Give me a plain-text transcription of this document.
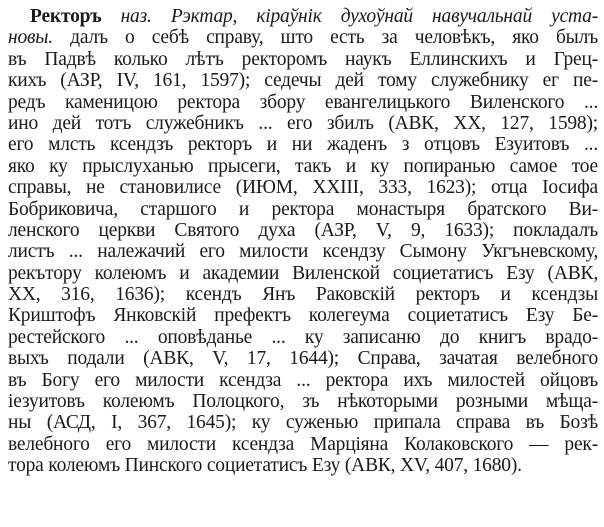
Ректоръ наз. Рэктар, кіраўнік духоўнай навучальнай уста-
новы. далъ о себѣ справу, што есть за человѣкъ, яко былъ
въ Падвѣ колько лѣтъ ректоромъ наукъ Еллинскихъ и Грец-
кихъ (АЗР, IV, 161, 1597); седечы дей тому служебнику ег пе-
редъ каменицою ректора збору евангелицького Виленского ...
ино дей тотъ служебникъ ... его збилъ (АВК, XX, 127, 1598);
его млсть ксендзъ ректоръ и ни жаденъ з отцовъ Езуитовъ ...
яко ку прыслуханью прысеги, такъ и ку попиранью самое тое
справы, не становилисе (ИЮМ, XXIII, 333, 1623); отца Іосифа
Бобриковича, старшого и ректора монастыря братского Ви-
ленского церкви Святого духа (АЗР, V, 9, 1633); покладалъ
листъ ... належачий его милости ксендзу Сымону Укгъневскому,
рекътору колеюмъ и академии Виленской социетатисъ Езу (АВК,
XX, 316, 1636); ксендъ Янъ Раковскій ректоръ и ксендзы
Криштофъ Янковскій префектъ колегеума социетатисъ Езу Бе-
рестейского ... оповѣданье ... ку записаню до книгъ врадо-
выхъ подали (АВК, V, 17, 1644); Справа, зачатая велебного
въ Богу его милости ксендза ... ректора ихъ милостей ойцовъ
іезуитовъ колеюмъ Полоцкого, зъ нѣкоторыми розными мѣща-
ны (АСД, I, 367, 1645); ку суженью припала справа въ Бозѣ
велебного его милости ксендза Марціяна Колаковского — рек-
тора колеюмъ Пинского социетатисъ Езу (АВК, XV, 407, 1680).
